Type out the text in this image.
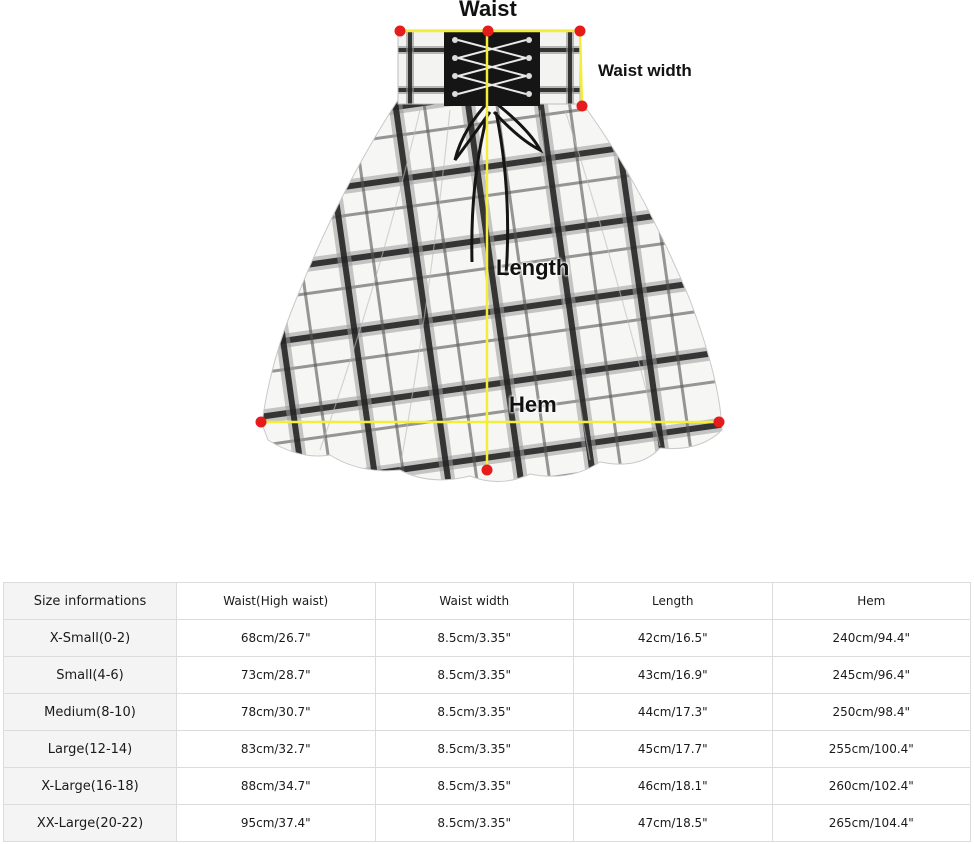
Waist
Waist width
Length
Hem
Size informations	Waist(High waist)	Waist width	Length	Hem
X-Small(0-2)	68cm/26.7"	8.5cm/3.35"	42cm/16.5"	240cm/94.4"
Small(4-6)	73cm/28.7"	8.5cm/3.35"	43cm/16.9"	245cm/96.4"
Medium(8-10)	78cm/30.7"	8.5cm/3.35"	44cm/17.3"	250cm/98.4"
Large(12-14)	83cm/32.7"	8.5cm/3.35"	45cm/17.7"	255cm/100.4"
X-Large(16-18)	88cm/34.7"	8.5cm/3.35"	46cm/18.1"	260cm/102.4"
XX-Large(20-22)	95cm/37.4"	8.5cm/3.35"	47cm/18.5"	265cm/104.4"
